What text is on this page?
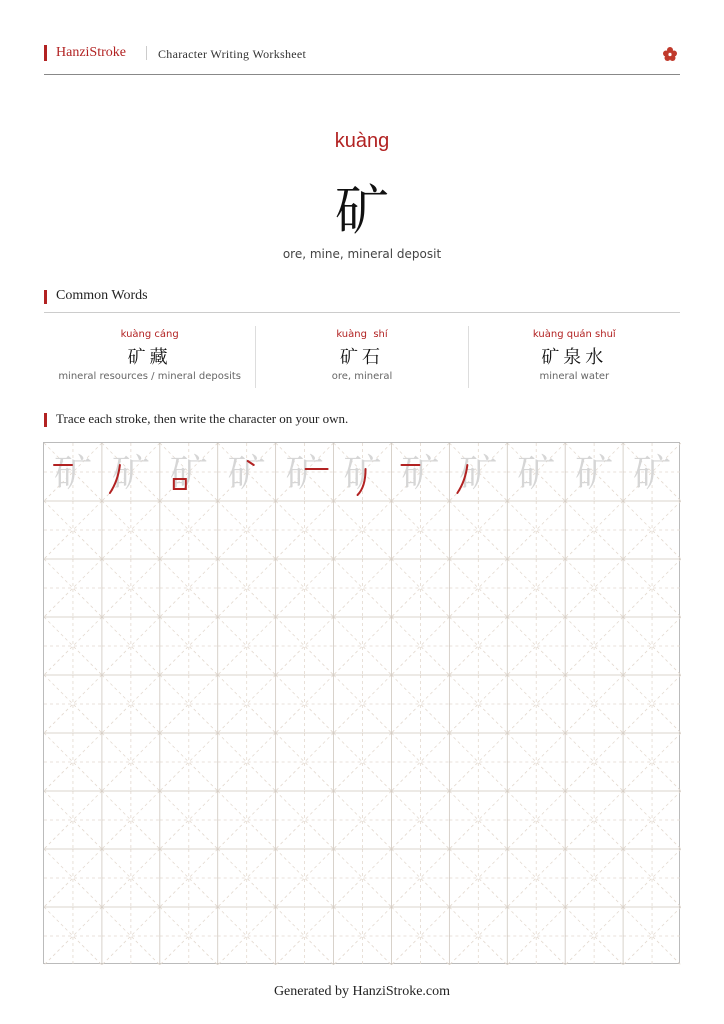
HanziStroke	Character Writing Worksheet
kuàng
矿
ore, mine, mineral deposit
Common Words
kuàng cáng
矿藏
mineral resources / mineral deposits
kuàng  shí
矿石
ore, mineral
kuàng quán shuǐ
矿泉水
mineral water
Trace each stroke, then write the character on your own.
矿 矿 矿 矿 矿 矿 矿 矿 矿 矿 矿
Generated by HanziStroke.com
